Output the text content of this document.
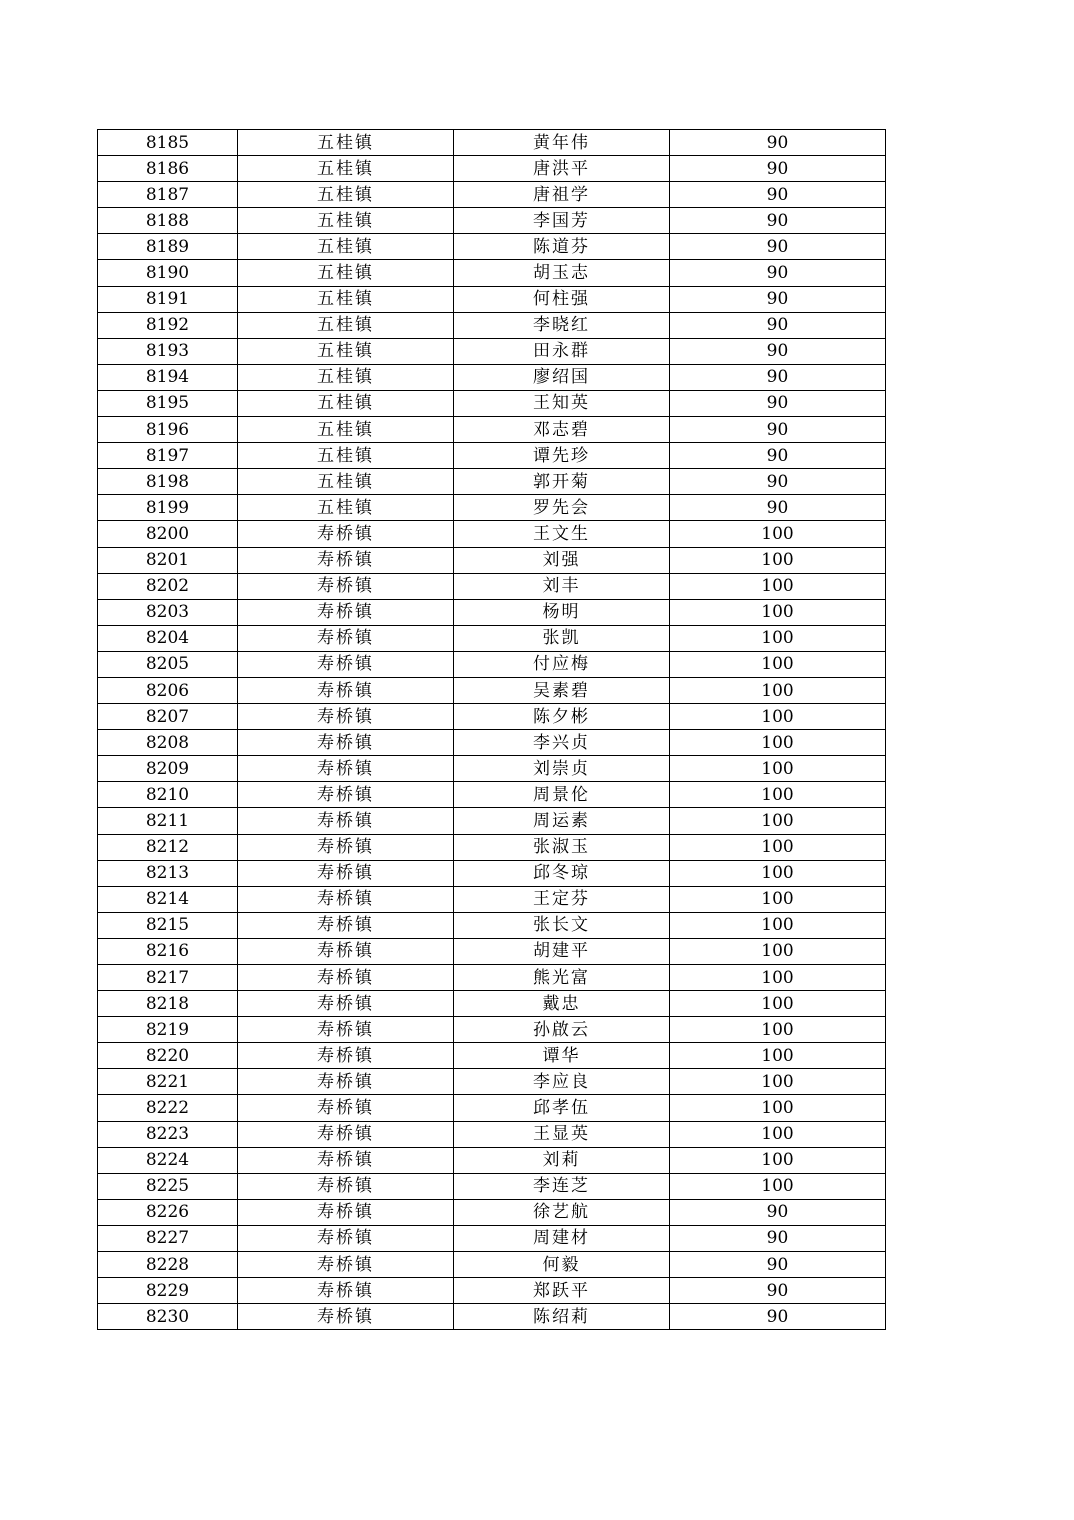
8185	五桂镇	黄年伟	90
8186	五桂镇	唐洪平	90
8187	五桂镇	唐祖学	90
8188	五桂镇	李国芳	90
8189	五桂镇	陈道芬	90
8190	五桂镇	胡玉志	90
8191	五桂镇	何柱强	90
8192	五桂镇	李晓红	90
8193	五桂镇	田永群	90
8194	五桂镇	廖绍国	90
8195	五桂镇	王知英	90
8196	五桂镇	邓志碧	90
8197	五桂镇	谭先珍	90
8198	五桂镇	郭开菊	90
8199	五桂镇	罗先会	90
8200	寿桥镇	王文生	100
8201	寿桥镇	刘强	100
8202	寿桥镇	刘丰	100
8203	寿桥镇	杨明	100
8204	寿桥镇	张凯	100
8205	寿桥镇	付应梅	100
8206	寿桥镇	吴素碧	100
8207	寿桥镇	陈夕彬	100
8208	寿桥镇	李兴贞	100
8209	寿桥镇	刘崇贞	100
8210	寿桥镇	周景伦	100
8211	寿桥镇	周运素	100
8212	寿桥镇	张淑玉	100
8213	寿桥镇	邱冬琼	100
8214	寿桥镇	王定芬	100
8215	寿桥镇	张长文	100
8216	寿桥镇	胡建平	100
8217	寿桥镇	熊光富	100
8218	寿桥镇	戴忠	100
8219	寿桥镇	孙啟云	100
8220	寿桥镇	谭华	100
8221	寿桥镇	李应良	100
8222	寿桥镇	邱孝伍	100
8223	寿桥镇	王显英	100
8224	寿桥镇	刘莉	100
8225	寿桥镇	李连芝	100
8226	寿桥镇	徐艺航	90
8227	寿桥镇	周建材	90
8228	寿桥镇	何毅	90
8229	寿桥镇	郑跃平	90
8230	寿桥镇	陈绍莉	90
